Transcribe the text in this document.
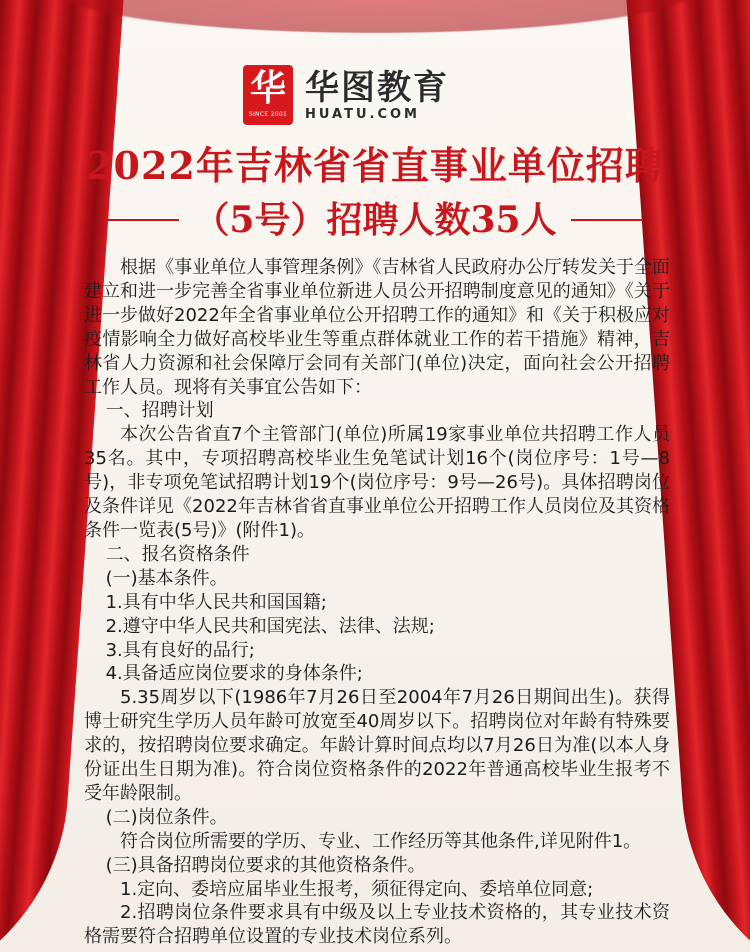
华
SINCE 2001
华图教育
HUATU.COM
2022年吉林省省直事业单位招聘
（5号）招聘人数35人

根据《事业单位人事管理条例》《吉林省人民政府办公厅转发关于全面建立和进一步完善全省事业单位新进人员公开招聘制度意见的通知》《关于进一步做好2022年全省事业单位公开招聘工作的通知》和《关于积极应对疫情影响全力做好高校毕业生等重点群体就业工作的若干措施》精神，吉林省人力资源和社会保障厅会同有关部门(单位)决定，面向社会公开招聘工作人员。现将有关事宜公告如下：

一、招聘计划

本次公告省直7个主管部门(单位)所属19家事业单位共招聘工作人员35名。其中，专项招聘高校毕业生免笔试计划16个(岗位序号：1号—8号)，非专项免笔试招聘计划19个(岗位序号：9号—26号)。具体招聘岗位及条件详见《2022年吉林省省直事业单位公开招聘工作人员岗位及其资格条件一览表(5号)》(附件1)。

二、报名资格条件

(一)基本条件。

1.具有中华人民共和国国籍;

2.遵守中华人民共和国宪法、法律、法规;

3.具有良好的品行;

4.具备适应岗位要求的身体条件;

5.35周岁以下(1986年7月26日至2004年7月26日期间出生)。获得博士研究生学历人员年龄可放宽至40周岁以下。招聘岗位对年龄有特殊要求的，按招聘岗位要求确定。年龄计算时间点均以7月26日为准(以本人身份证出生日期为准)。符合岗位资格条件的2022年普通高校毕业生报考不受年龄限制。

(二)岗位条件。

符合岗位所需要的学历、专业、工作经历等其他条件,详见附件1。

(三)具备招聘岗位要求的其他资格条件。

1.定向、委培应届毕业生报考，须征得定向、委培单位同意;

2.招聘岗位条件要求具有中级及以上专业技术资格的，其专业技术资格需要符合招聘单位设置的专业技术岗位系列。
